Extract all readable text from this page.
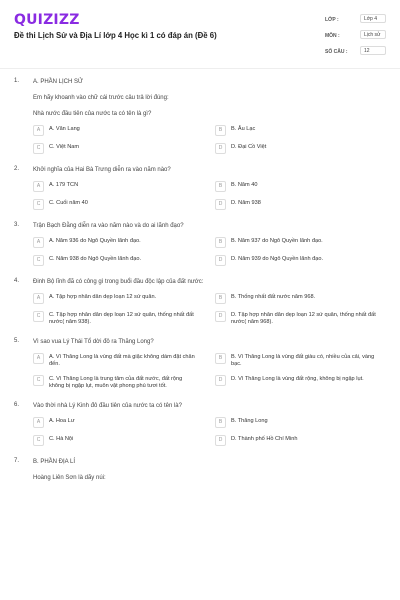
QUIZIZZ
Đề thi Lịch Sử và Địa Lí lớp 4 Học kì 1 có đáp án (Đề 6)
LỚP :	Lớp 4
MÔN :	Lịch sử
SỐ CÂU :	12
1. A. PHẦN LỊCH SỬ
Em hãy khoanh vào chữ cái trước câu trả lời đúng:
Nhà nước đầu tiên của nước ta có tên là gì?
A	A. Văn Lang	B	B. Âu Lạc
C	C. Việt Nam	D	D. Đại Cồ Việt
2. Khởi nghĩa của Hai Bà Trưng diễn ra vào năm nào?
A	A. 179 TCN	B	B. Năm 40
C	C. Cuối năm 40	D	D. Năm 938
3. Trận Bạch Đằng diễn ra vào năm nào và do ai lãnh đạo?
A	A. Năm 936 do Ngô Quyền lãnh đạo.	B	B. Năm 937 do Ngô Quyền lãnh đạo.
C	C. Năm 938 do Ngô Quyền lãnh đạo.	D	D. Năm 939 do Ngô Quyền lãnh đạo.
4. Đinh Bộ lĩnh đã có công gì trong buổi đầu độc lập của đất nước:
A	A. Tập hợp nhân dân dẹp loạn 12 sứ quân.	B	B. Thống nhất đất nước năm 968.
C	C. Tập hợp nhân dân dẹp loạn 12 sứ quân, thống nhất đất nước( năm 938).
D	D. Tập hợp nhân dân dẹp loạn 12 sứ quân, thống nhất đất nước( năm 968).
5. Vì sao vua Lý Thái Tổ dời đô ra Thăng Long?
A	A. Vì Thăng Long là vùng đất mà giặc không dám đặt chân đến.
B	B. Vì Thăng Long là vùng đất giàu có, nhiều của cải, vàng bạc.
C	C. Vì Thăng Long là trung tâm của đất nước, đất rộng không bị ngập lụt, muôn vật phong phú tươi tốt.
D	D. Vì Thăng Long là vùng đất rộng, không bị ngập lụt.
6. Vào thời nhà Lý Kinh đô đầu tiên của nước ta có tên là?
A	A. Hoa Lư	B	B. Thăng Long
C	C. Hà Nội	D	D. Thành phố Hồ Chí Minh
7. B. PHẦN ĐỊA LÍ
Hoàng Liên Sơn là dãy núi:
